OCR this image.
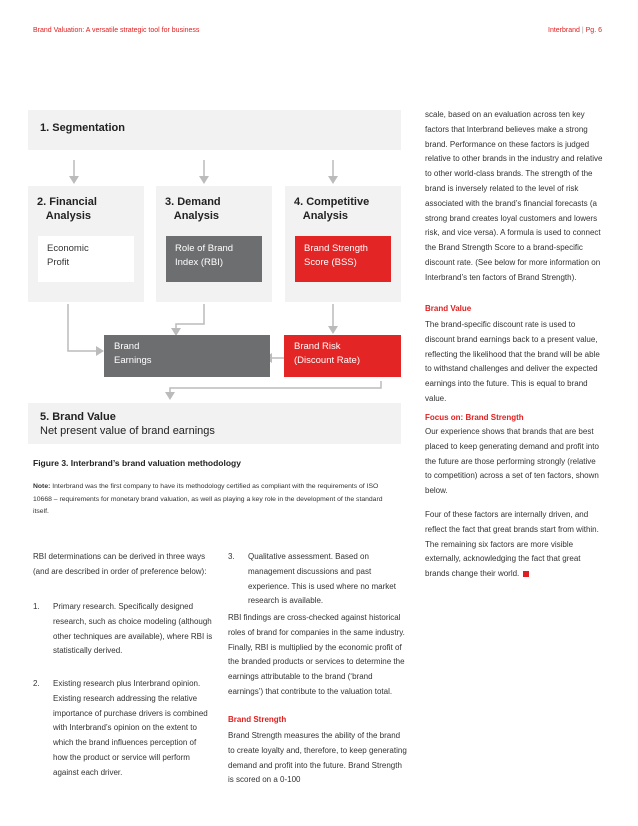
Brand Valuation: A versatile strategic tool for business	Interbrand | Pg. 6
1. Segmentation
2. Financial
Analysis
Economic
Profit
3. Demand
Analysis
Role of Brand
Index (RBI)
4. Competitive
Analysis
Brand Strength
Score (BSS)
Brand
Earnings
Brand Risk
(Discount Rate)
5. Brand Value
Net present value of brand earnings
Figure 3. Interbrand’s brand valuation methodology
Note: Interbrand was the first company to have its methodology certified as compliant with the requirements of ISO 10668 – requirements for monetary brand valuation, as well as playing a key role in the development of the standard itself.
RBI determinations can be derived in three ways (and are described in order of preference below):
1. Primary research. Specifically designed research, such as choice modeling (although other techniques are available), where RBI is statistically derived.
2. Existing research plus Interbrand opinion. Existing research addressing the relative importance of purchase drivers is combined with Interbrand’s opinion on the extent to which the brand influences perception of how the product or service will perform against each driver.
3. Qualitative assessment. Based on management discussions and past experience. This is used where no market research is available.
RBI findings are cross-checked against historical roles of brand for companies in the same industry. Finally, RBI is multiplied by the economic profit of the branded products or services to determine the earnings attributable to the brand (‘brand earnings’) that contribute to the valuation total.
Brand Strength
Brand Strength measures the ability of the brand to create loyalty and, therefore, to keep generating demand and profit into the future. Brand Strength is scored on a 0-100
scale, based on an evaluation across ten key factors that Interbrand believes make a strong brand. Performance on these factors is judged relative to other brands in the industry and relative to other world-class brands. The strength of the brand is inversely related to the level of risk associated with the brand’s financial forecasts (a strong brand creates loyal customers and lowers risk, and vice versa). A formula is used to connect the Brand Strength Score to a brand-specific discount rate. (See below for more information on Interbrand’s ten factors of Brand Strength).
Brand Value
The brand-specific discount rate is used to discount brand earnings back to a present value, reflecting the likelihood that the brand will be able to withstand challenges and deliver the expected earnings into the future. This is equal to brand value.
Focus on: Brand Strength
Our experience shows that brands that are best placed to keep generating demand and profit into the future are those performing strongly (relative to competition) across a set of ten factors, shown below.
Four of these factors are internally driven, and reflect the fact that great brands start from within. The remaining six factors are more visible externally, acknowledging the fact that great brands change their world.
